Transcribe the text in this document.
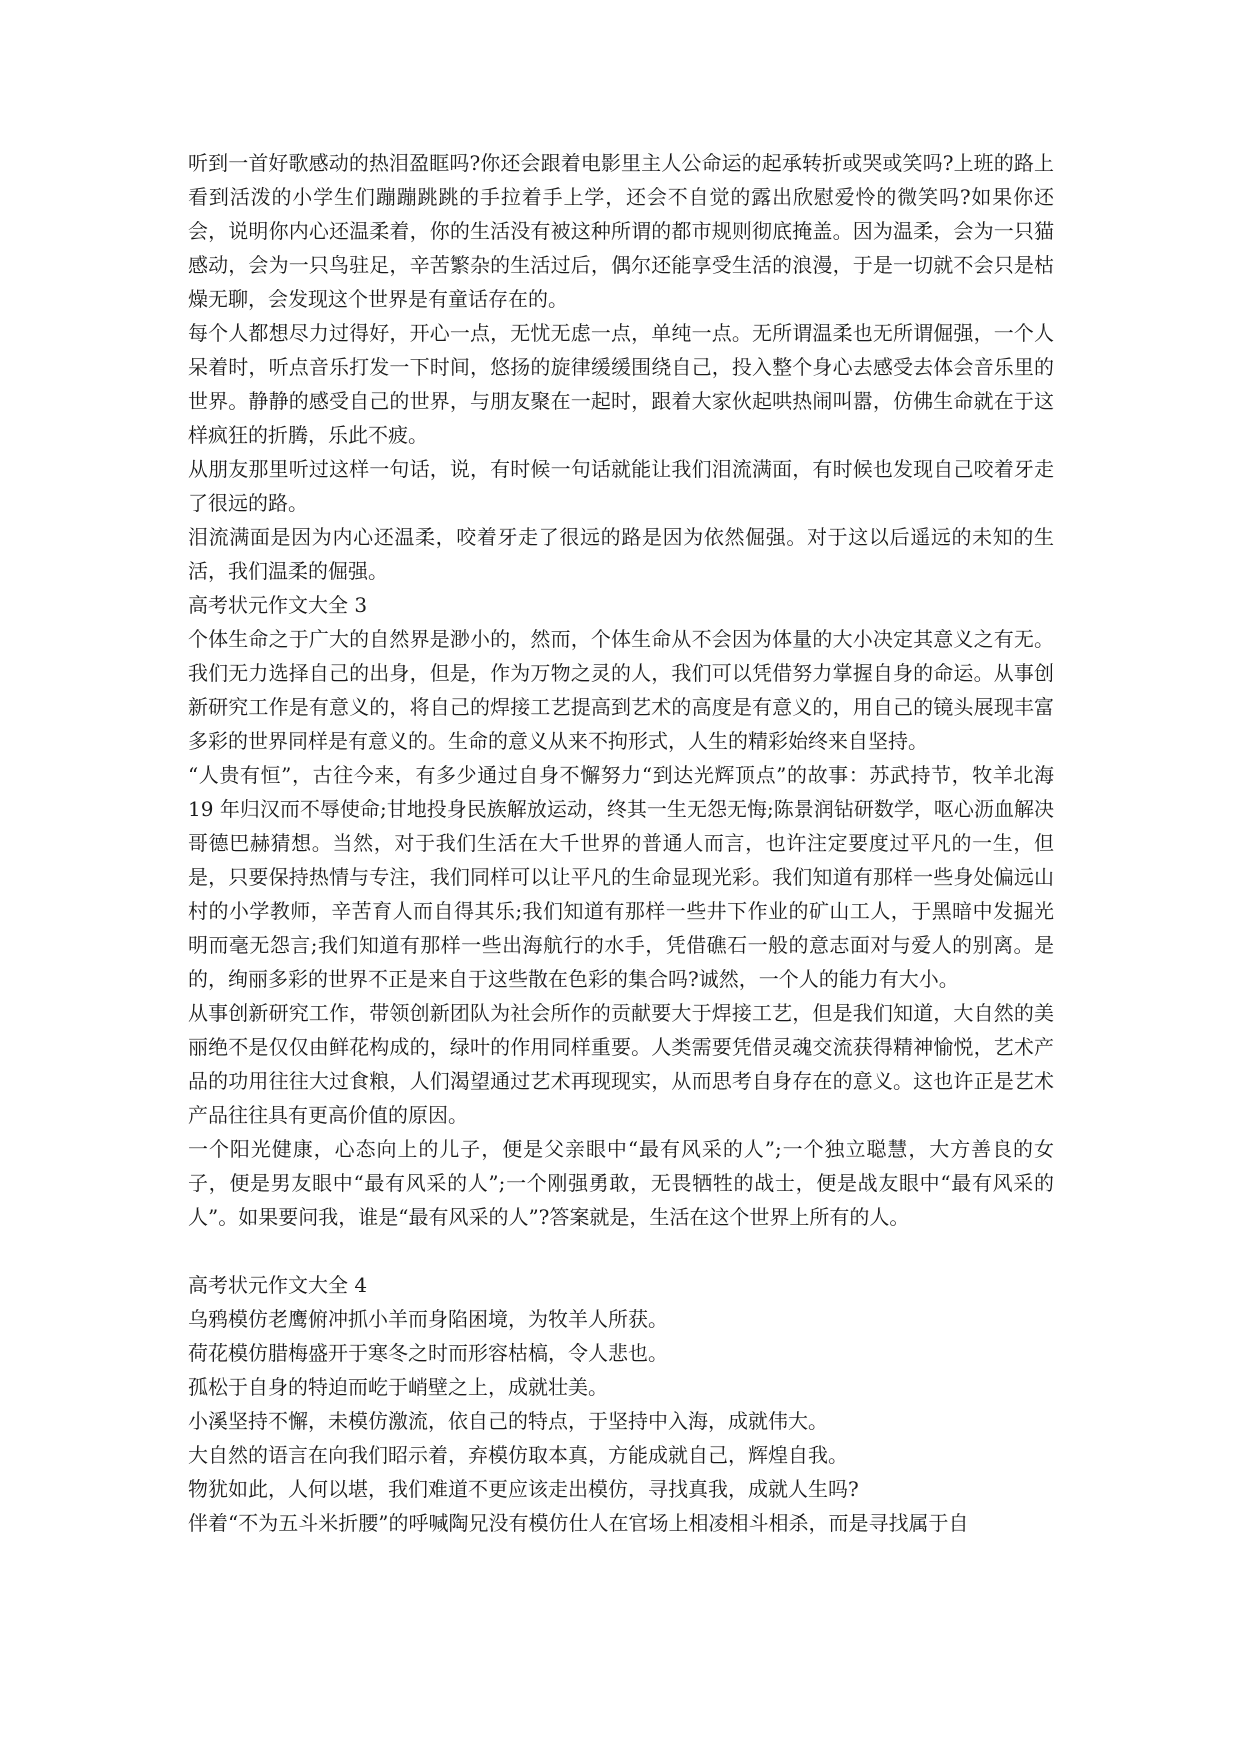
听到一首好歌感动的热泪盈眶吗?你还会跟着电影里主人公命运的起承转折或哭或笑吗?上班的路上看到活泼的小学生们蹦蹦跳跳的手拉着手上学，还会不自觉的露出欣慰爱怜的微笑吗?如果你还会，说明你内心还温柔着，你的生活没有被这种所谓的都市规则彻底掩盖。因为温柔，会为一只猫感动，会为一只鸟驻足，辛苦繁杂的生活过后，偶尔还能享受生活的浪漫，于是一切就不会只是枯燥无聊，会发现这个世界是有童话存在的。

每个人都想尽力过得好，开心一点，无忧无虑一点，单纯一点。无所谓温柔也无所谓倔强，一个人呆着时，听点音乐打发一下时间，悠扬的旋律缓缓围绕自己，投入整个身心去感受去体会音乐里的世界。静静的感受自己的世界，与朋友聚在一起时，跟着大家伙起哄热闹叫嚣，仿佛生命就在于这样疯狂的折腾，乐此不疲。

从朋友那里听过这样一句话，说，有时候一句话就能让我们泪流满面，有时候也发现自己咬着牙走了很远的路。

泪流满面是因为内心还温柔，咬着牙走了很远的路是因为依然倔强。对于这以后遥远的未知的生活，我们温柔的倔强。

高考状元作文大全 3

个体生命之于广大的自然界是渺小的，然而，个体生命从不会因为体量的大小决定其意义之有无。我们无力选择自己的出身，但是，作为万物之灵的人，我们可以凭借努力掌握自身的命运。从事创新研究工作是有意义的，将自己的焊接工艺提高到艺术的高度是有意义的，用自己的镜头展现丰富多彩的世界同样是有意义的。生命的意义从来不拘形式，人生的精彩始终来自坚持。

“人贵有恒”，古往今来，有多少通过自身不懈努力“到达光辉顶点”的故事：苏武持节，牧羊北海 19 年归汉而不辱使命;甘地投身民族解放运动，终其一生无怨无悔;陈景润钻研数学，呕心沥血解决哥德巴赫猜想。当然，对于我们生活在大千世界的普通人而言，也许注定要度过平凡的一生，但是，只要保持热情与专注，我们同样可以让平凡的生命显现光彩。我们知道有那样一些身处偏远山村的小学教师，辛苦育人而自得其乐;我们知道有那样一些井下作业的矿山工人，于黑暗中发掘光明而毫无怨言;我们知道有那样一些出海航行的水手，凭借礁石一般的意志面对与爱人的别离。是的，绚丽多彩的世界不正是来自于这些散在色彩的集合吗?诚然，一个人的能力有大小。

从事创新研究工作，带领创新团队为社会所作的贡献要大于焊接工艺，但是我们知道，大自然的美丽绝不是仅仅由鲜花构成的，绿叶的作用同样重要。人类需要凭借灵魂交流获得精神愉悦，艺术产品的功用往往大过食粮，人们渴望通过艺术再现现实，从而思考自身存在的意义。这也许正是艺术产品往往具有更高价值的原因。

一个阳光健康，心态向上的儿子，便是父亲眼中“最有风采的人”;一个独立聪慧，大方善良的女子，便是男友眼中“最有风采的人”;一个刚强勇敢，无畏牺牲的战士，便是战友眼中“最有风采的人”。如果要问我，谁是“最有风采的人”?答案就是，生活在这个世界上所有的人。

高考状元作文大全 4

乌鸦模仿老鹰俯冲抓小羊而身陷困境，为牧羊人所获。

荷花模仿腊梅盛开于寒冬之时而形容枯槁，令人悲也。

孤松于自身的特迫而屹于峭壁之上，成就壮美。

小溪坚持不懈，未模仿激流，依自己的特点，于坚持中入海，成就伟大。

大自然的语言在向我们昭示着，弃模仿取本真，方能成就自己，辉煌自我。

物犹如此，人何以堪，我们难道不更应该走出模仿，寻找真我，成就人生吗?

伴着“不为五斗米折腰”的呼喊陶兄没有模仿仕人在官场上相凌相斗相杀，而是寻找属于自
